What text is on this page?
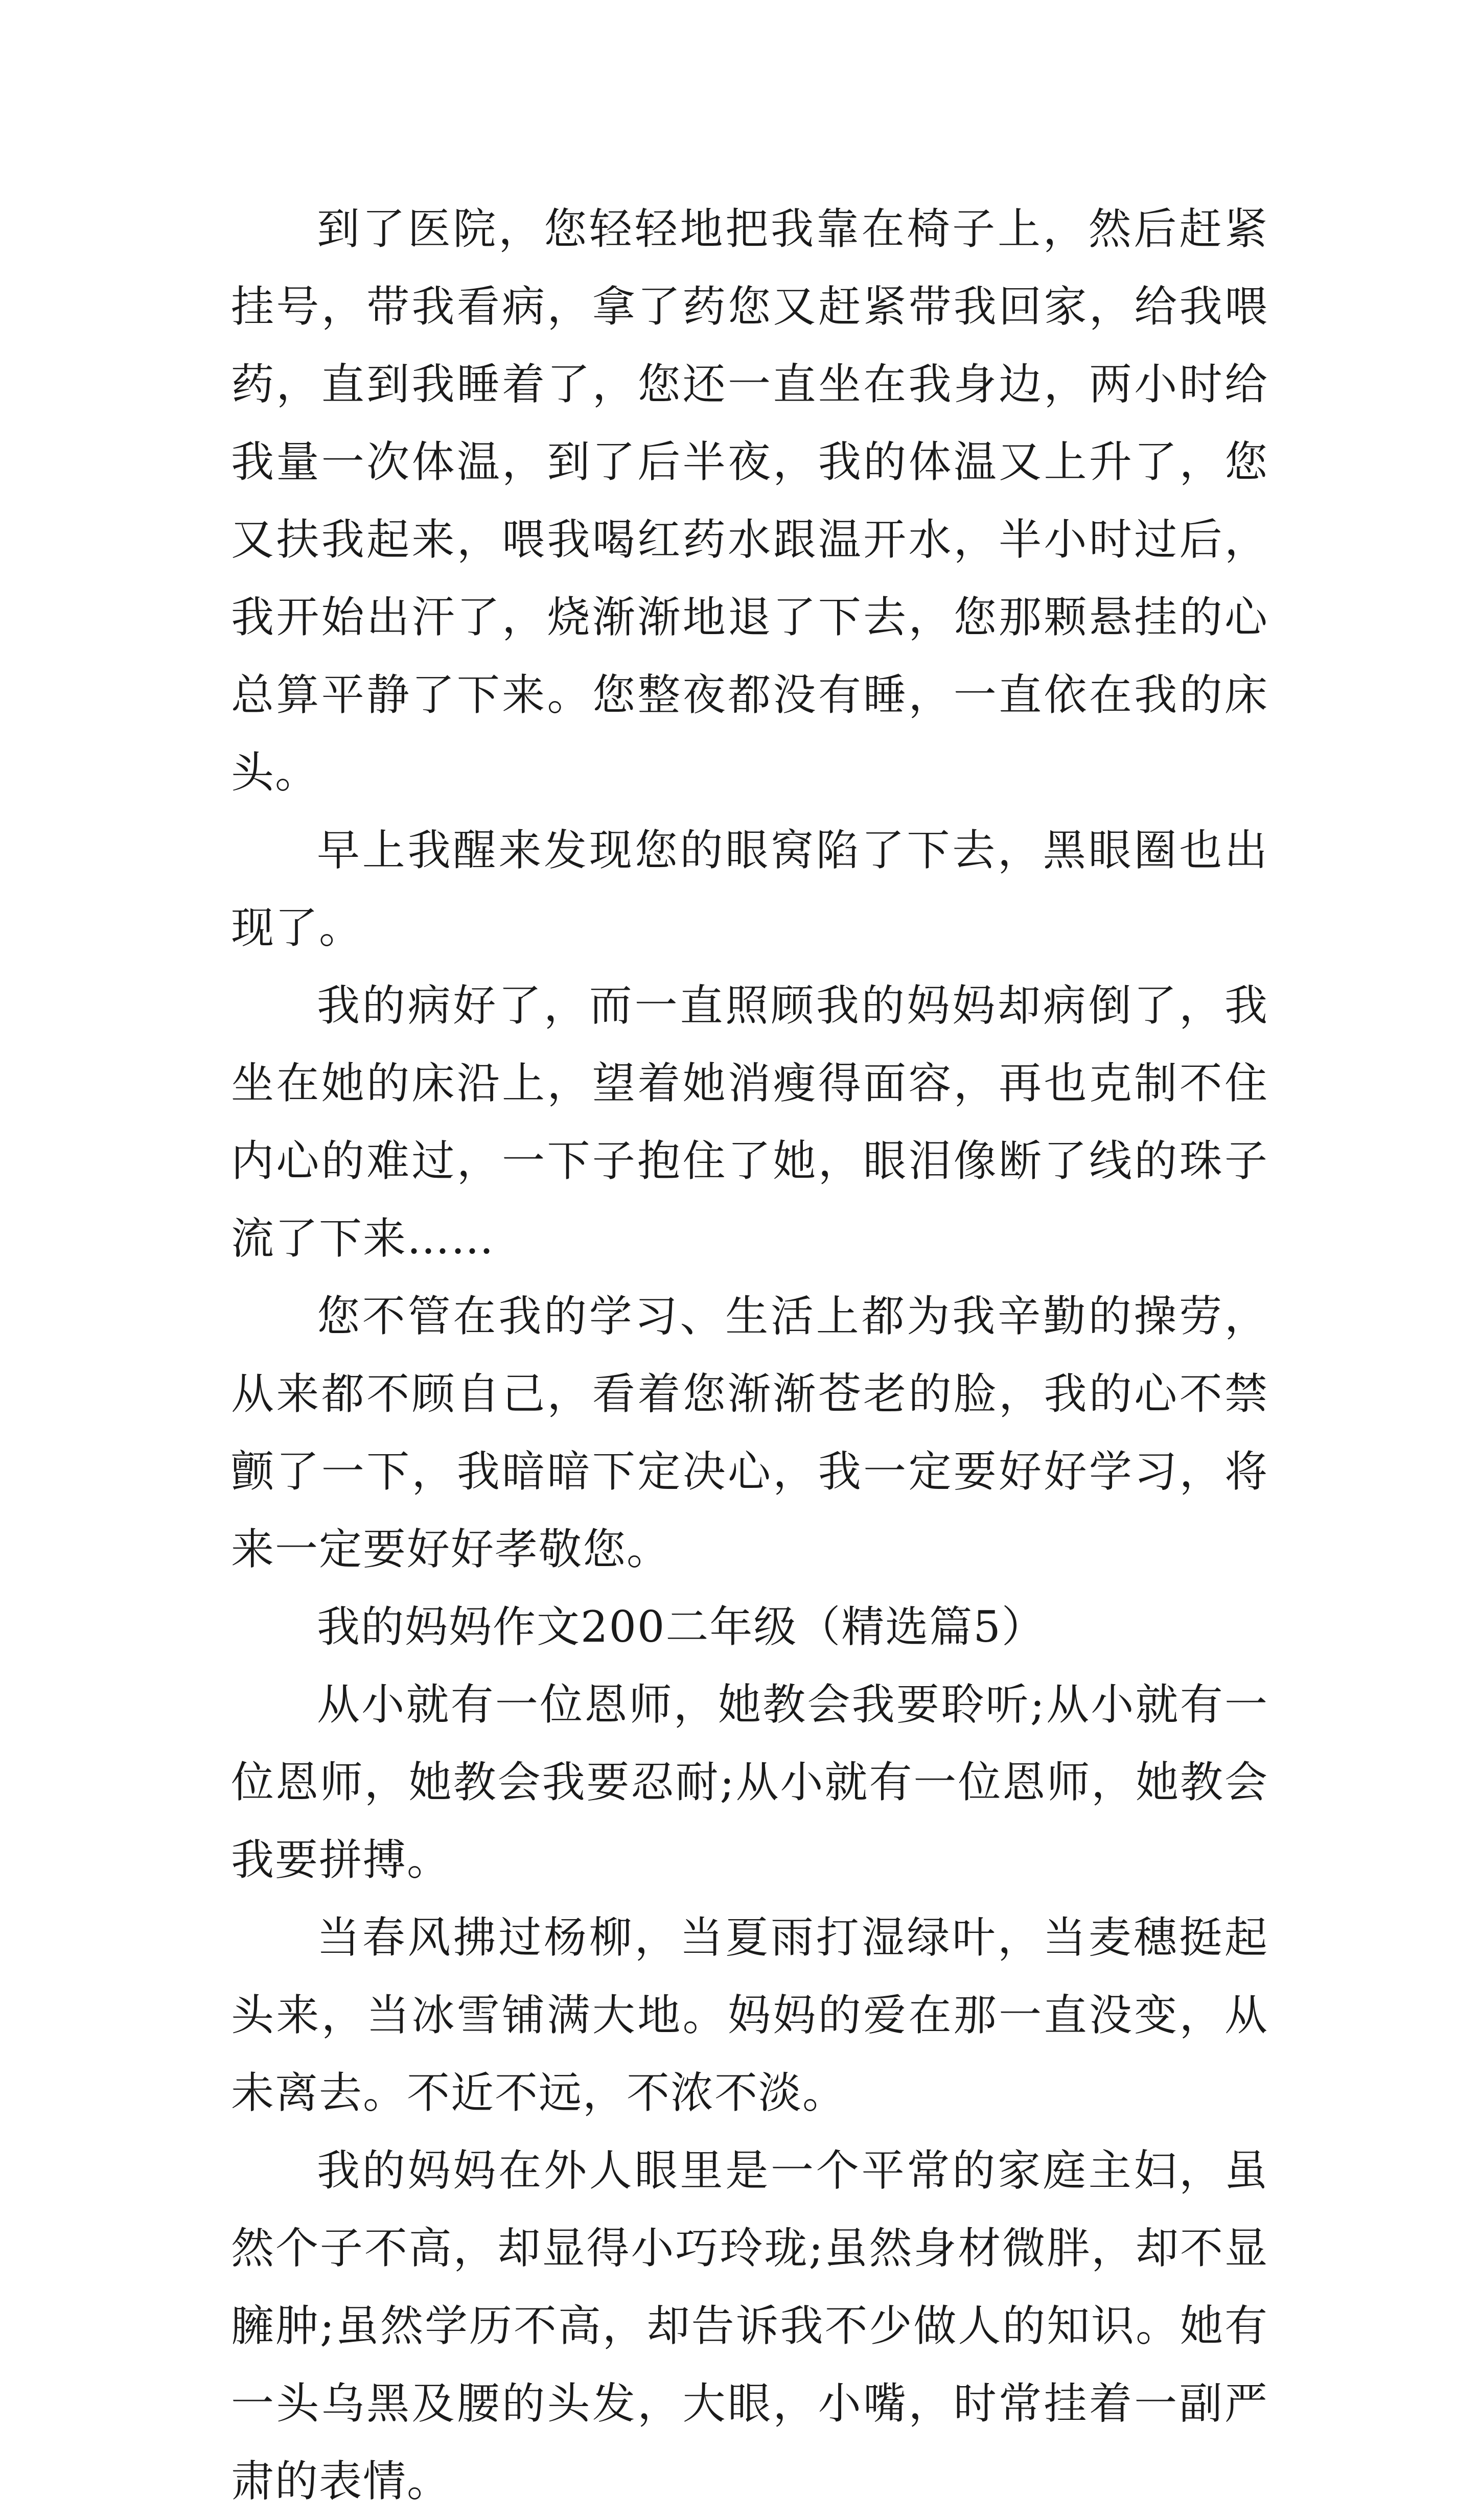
到了医院，您轻轻地把我靠在椅子上，然后赶紧挂号，带我看病，拿了药您又赶紧带我回家，给我喂药，直到我睡着了，您还一直坐在我身边，两小时给我量一次体温，到了后半夜，我的体温又上升了，您又扶我起来，喂我喝红药水跟温开水，半小时过后，我开始出汗了，烧渐渐地退了下去，您那颗悬挂的心总算平静了下来。您整夜都没有睡，一直依在我的床头。

早上我醒来发现您的眼窝陷了下去，黑眼圈也出现了。

我的病好了，而一直照顾我的妈妈却病倒了，我坐在她的床沿上，望着她消瘦得面容，再也克制不住内心的难过，一下子抱住了她，眼泪像断了线的珠子流了下来……

您不管在我的学习、生活上都为我辛勤的操劳，从来都不顾自己，看着您渐渐苍老的脸，我的心不禁颤了一下，我暗暗下定决心，我一定要好好学习，将来一定要好好孝敬您。

我的妈妈作文200二年级（精选篇5）

从小就有一位恩师，她教会我要聆听;从小就有一位恩师，她教会我要忍耐;从小就有一位恩师，她教会我要拼搏。

当春风拂过杨柳，当夏雨打湿绿叶，当麦穗挺起头来，当冰雪铺满大地。妈妈的爱在那一直没变，从未离去。不近不远，不浓不淡。

我的妈妈在外人眼里是一个平常的家庭主妇，虽然个子不高，却显得小巧玲珑;虽然身材微胖，却不显臃肿;虽然学历不高，却告诉我不少做人的知识。她有一头乌黑及腰的头发，大眼，小嘴，时常挂着一副严肃的表情。
